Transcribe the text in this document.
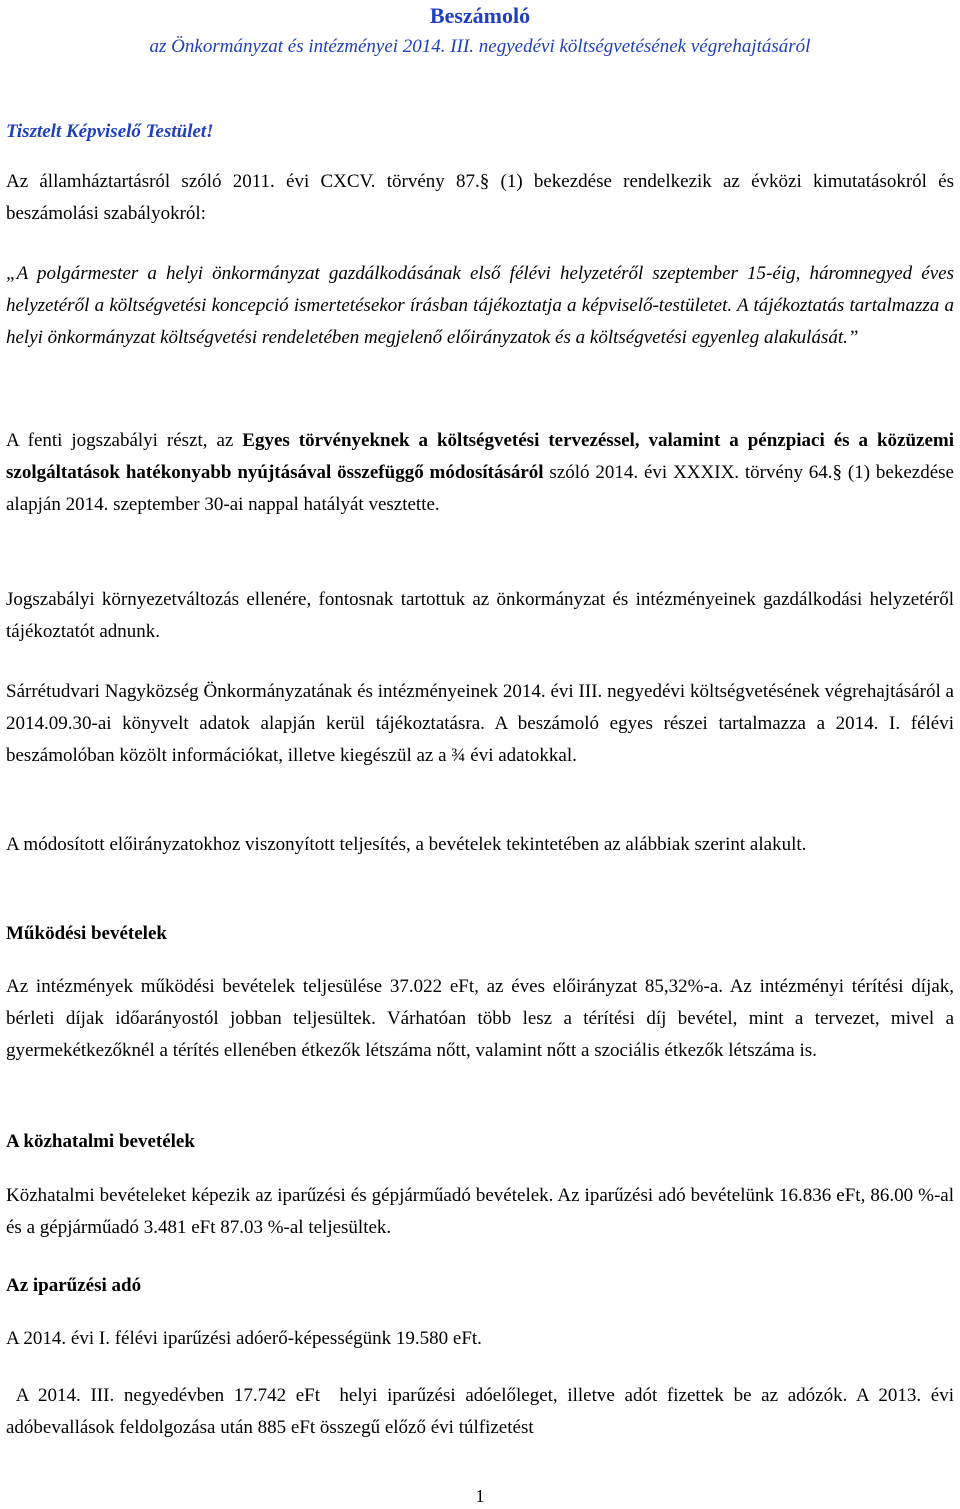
Beszámoló

az Önkormányzat és intézményei 2014. III. negyedévi költségvetésének végrehajtásáról

Tisztelt Képviselő Testület!

Az államháztartásról szóló 2011. évi CXCV. törvény 87.§ (1) bekezdése rendelkezik az évközi kimutatásokról és beszámolási szabályokról:

„A polgármester a helyi önkormányzat gazdálkodásának első félévi helyzetéről szeptember 15-éig, háromnegyed éves helyzetéről a költségvetési koncepció ismertetésekor írásban tájékoztatja a képviselő-testületet. A tájékoztatás tartalmazza a helyi önkormányzat költségvetési rendeletében megjelenő előirányzatok és a költségvetési egyenleg alakulását.”

A fenti jogszabályi részt, az Egyes törvényeknek a költségvetési tervezéssel, valamint a pénzpiaci és a közüzemi szolgáltatások hatékonyabb nyújtásával összefüggő módosításáról szóló 2014. évi XXXIX. törvény 64.§ (1) bekezdése alapján 2014. szeptember 30-ai nappal hatályát vesztette.

Jogszabályi környezetváltozás ellenére, fontosnak tartottuk az önkormányzat és intézményeinek gazdálkodási helyzetéről tájékoztatót adnunk.

Sárrétudvari Nagyközség Önkormányzatának és intézményeinek 2014. évi III. negyedévi költségvetésének végrehajtásáról a 2014.09.30-ai könyvelt adatok alapján kerül tájékoztatásra. A beszámoló egyes részei tartalmazza a 2014. I. félévi beszámolóban közölt információkat, illetve kiegészül az a ¾ évi adatokkal.

A módosított előirányzatokhoz viszonyított teljesítés, a bevételek tekintetében az alábbiak szerint alakult.

Működési bevételek

Az intézmények működési bevételek teljesülése 37.022 eFt, az éves előirányzat 85,32%-a. Az intézményi térítési díjak, bérleti díjak időarányostól jobban teljesültek. Várhatóan több lesz a térítési díj bevétel, mint a tervezet, mivel a gyermekétkezőknél a térítés ellenében étkezők létszáma nőtt, valamint nőtt a szociális étkezők létszáma is.

A közhatalmi bevetélek

Közhatalmi bevételeket képezik az iparűzési és gépjárműadó bevételek. Az iparűzési adó bevételünk 16.836 eFt, 86.00 %-al és a gépjárműadó 3.481 eFt 87.03 %-al teljesültek.

Az iparűzési adó

A 2014. évi I. félévi iparűzési adóerő-képességünk 19.580 eFt.

A 2014. III. negyedévben 17.742 eFt  helyi iparűzési adóelőleget, illetve adót fizettek be az adózók. A 2013. évi adóbevallások feldolgozása után 885 eFt összegű előző évi túlfizetést

1
